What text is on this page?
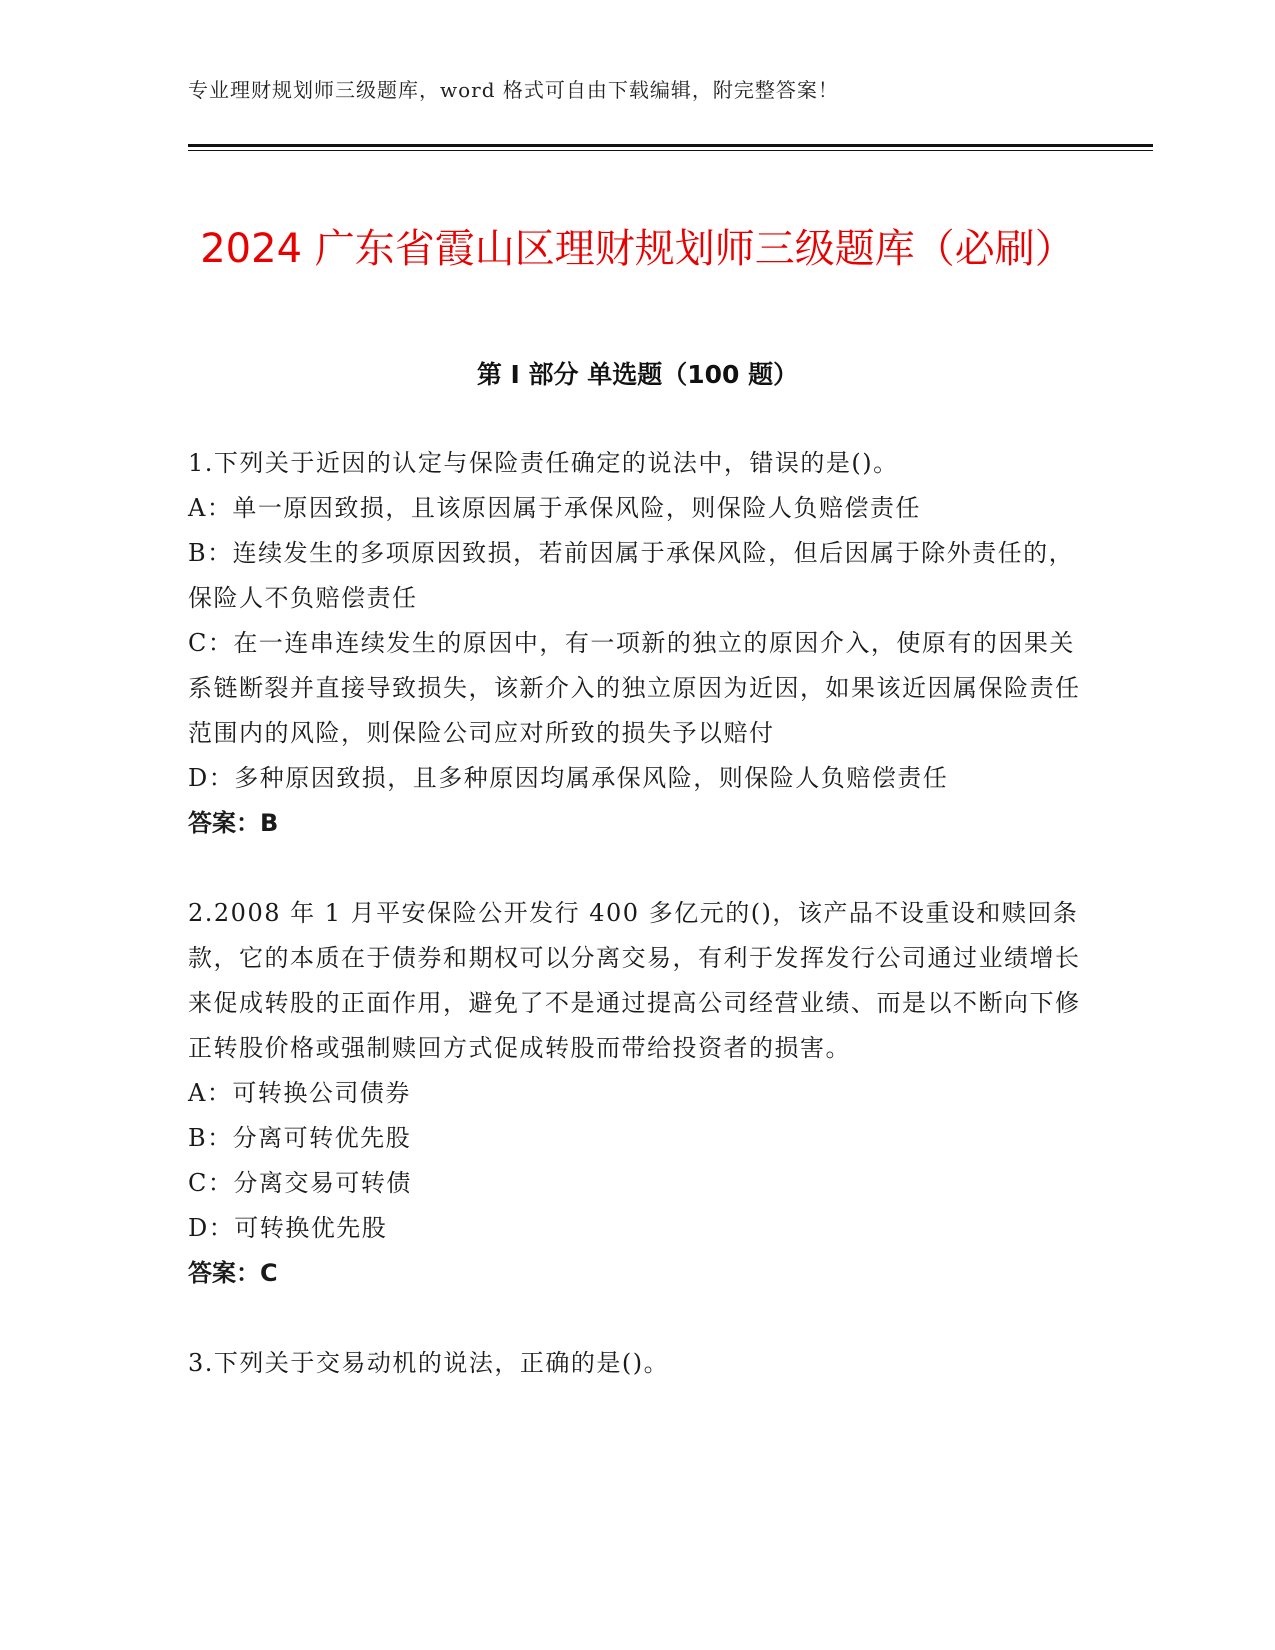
专业理财规划师三级题库，word 格式可自由下载编辑，附完整答案！
2024 广东省霞山区理财规划师三级题库（必刷）
第 I 部分 单选题（100 题）

1.下列关于近因的认定与保险责任确定的说法中，错误的是()。

A：单一原因致损，且该原因属于承保风险，则保险人负赔偿责任

B：连续发生的多项原因致损，若前因属于承保风险，但后因属于除外责任的，保险人不负赔偿责任

C：在一连串连续发生的原因中，有一项新的独立的原因介入，使原有的因果关系链断裂并直接导致损失，该新介入的独立原因为近因，如果该近因属保险责任范围内的风险，则保险公司应对所致的损失予以赔付

D：多种原因致损，且多种原因均属承保风险，则保险人负赔偿责任

答案：B

2.2008 年 1 月平安保险公开发行 400 多亿元的()，该产品不设重设和赎回条款，它的本质在于债券和期权可以分离交易，有利于发挥发行公司通过业绩增长来促成转股的正面作用，避免了不是通过提高公司经营业绩、而是以不断向下修正转股价格或强制赎回方式促成转股而带给投资者的损害。

A：可转换公司债券

B：分离可转优先股

C：分离交易可转债

D：可转换优先股

答案：C

3.下列关于交易动机的说法，正确的是()。
